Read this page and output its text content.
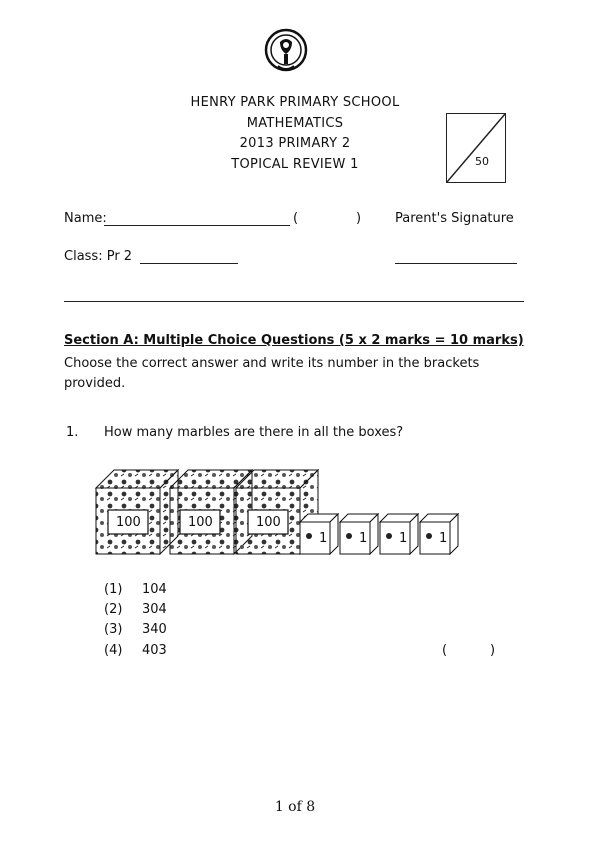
HENRY PARK PRIMARY SCHOOL
MATHEMATICS
2013 PRIMARY 2
TOPICAL REVIEW 1	50
Name:	(	)	Parent's Signature
Class: Pr 2
Section A: Multiple Choice Questions (5 x 2 marks = 10 marks)
Choose the correct answer and write its number in the brackets provided.
1. How many marbles are there in all the boxes?
100	100	100
1 1 1 1
(1) 104
(2) 304
(3) 340
(4) 403	(	)
1 of 8
